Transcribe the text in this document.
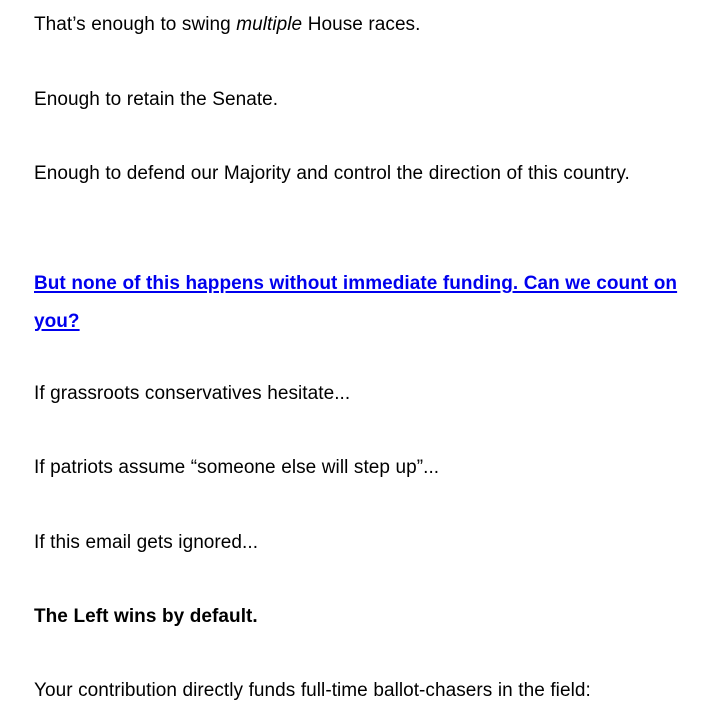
That’s enough to swing multiple House races.

Enough to retain the Senate.

Enough to defend our Majority and control the direction of this country.

But none of this happens without immediate funding. Can we count on you?

If grassroots conservatives hesitate...

If patriots assume “someone else will step up”...

If this email gets ignored...

The Left wins by default.

Your contribution directly funds full-time ballot-chasers in the field:
